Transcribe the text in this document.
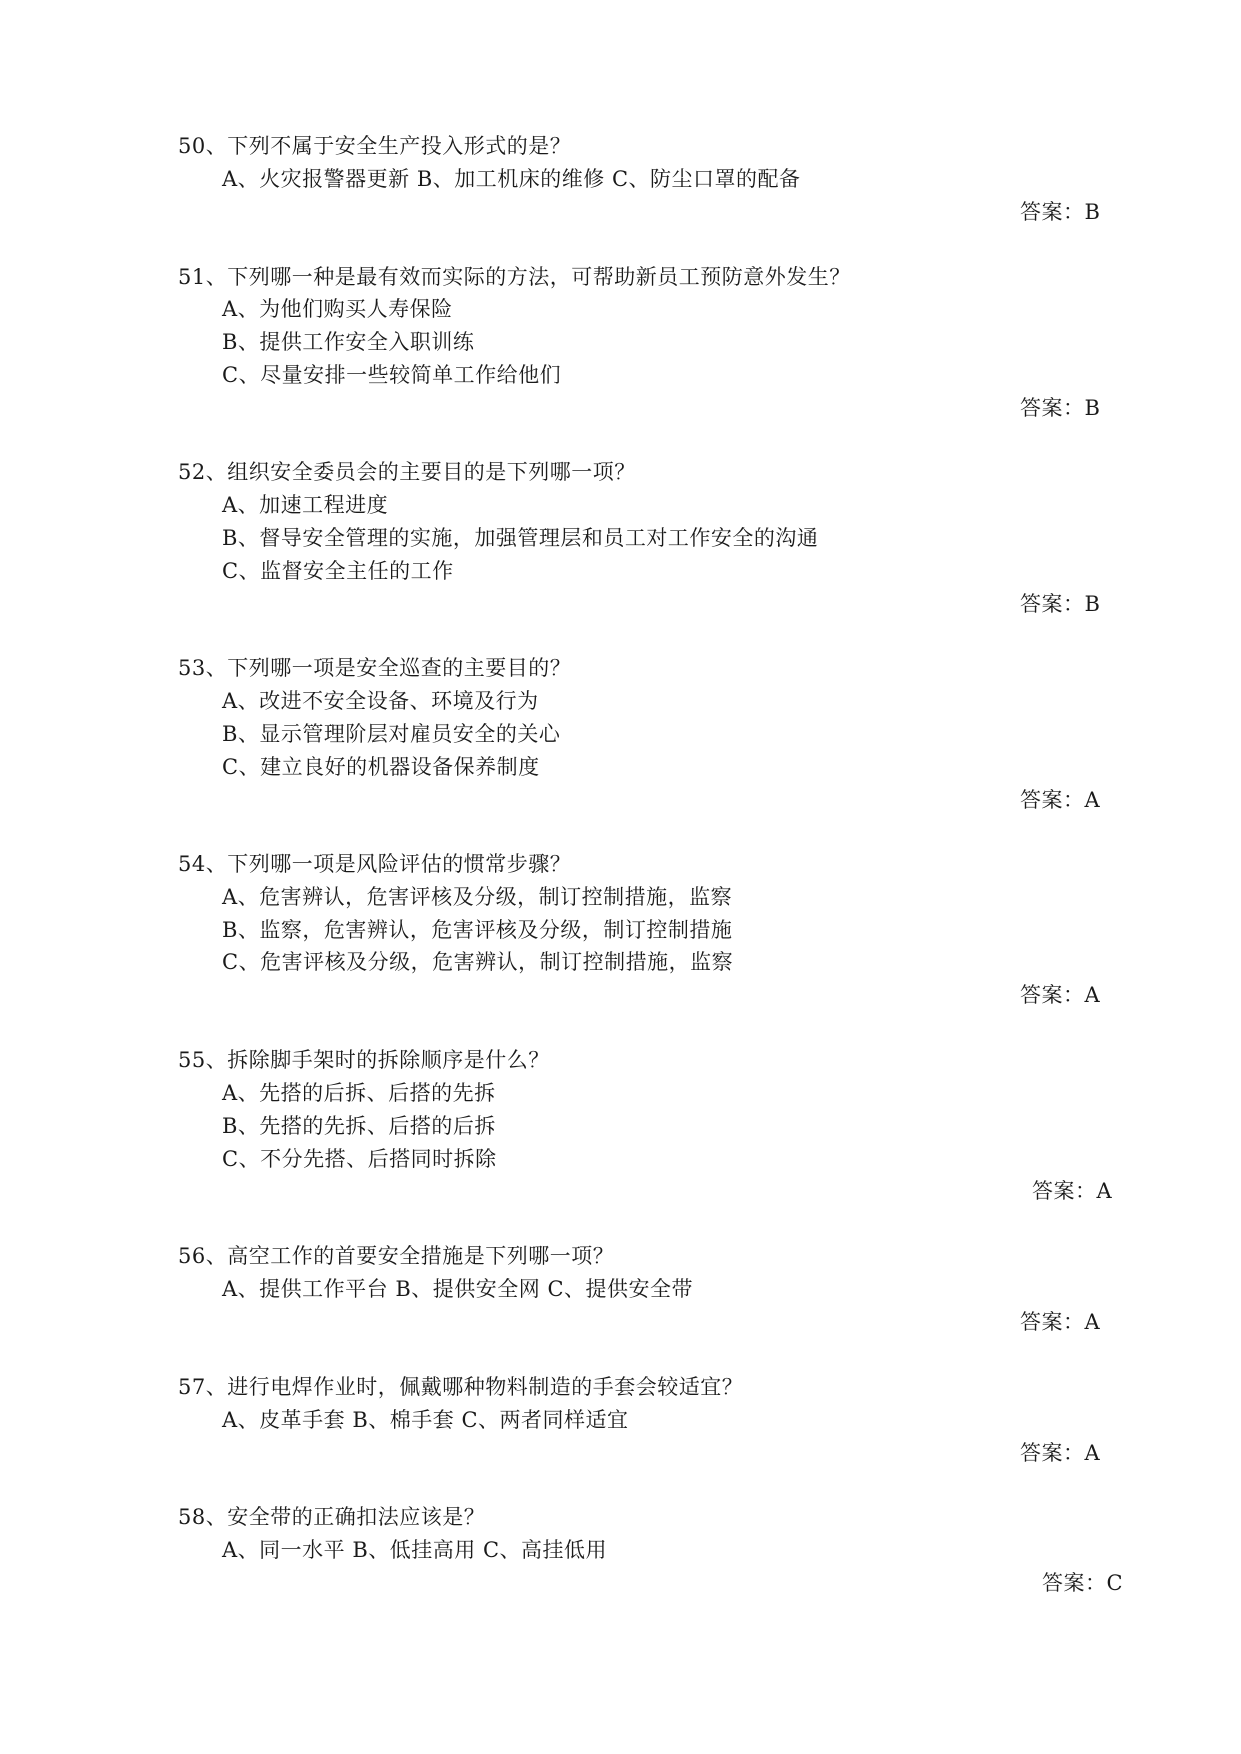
50、下列不属于安全生产投入形式的是？
A、火灾报警器更新 B、加工机床的维修 C、防尘口罩的配备
答案：B
51、下列哪一种是最有效而实际的方法，可帮助新员工预防意外发生？
A、为他们购买人寿保险
B、提供工作安全入职训练
C、尽量安排一些较简单工作给他们
答案：B
52、组织安全委员会的主要目的是下列哪一项？
A、加速工程进度
B、督导安全管理的实施，加强管理层和员工对工作安全的沟通
C、监督安全主任的工作
答案：B
53、下列哪一项是安全巡查的主要目的？
A、改进不安全设备、环境及行为
B、显示管理阶层对雇员安全的关心
C、建立良好的机器设备保养制度
答案：A
54、下列哪一项是风险评估的惯常步骤？
A、危害辨认，危害评核及分级，制订控制措施，监察
B、监察，危害辨认，危害评核及分级，制订控制措施
C、危害评核及分级，危害辨认，制订控制措施，监察
答案：A
55、拆除脚手架时的拆除顺序是什么？
A、先搭的后拆、后搭的先拆
B、先搭的先拆、后搭的后拆
C、不分先搭、后搭同时拆除
答案：A
56、高空工作的首要安全措施是下列哪一项？
A、提供工作平台 B、提供安全网 C、提供安全带
答案：A
57、进行电焊作业时，佩戴哪种物料制造的手套会较适宜？
A、皮革手套 B、棉手套 C、两者同样适宜
答案：A
58、安全带的正确扣法应该是？
A、同一水平 B、低挂高用 C、高挂低用
答案：C
